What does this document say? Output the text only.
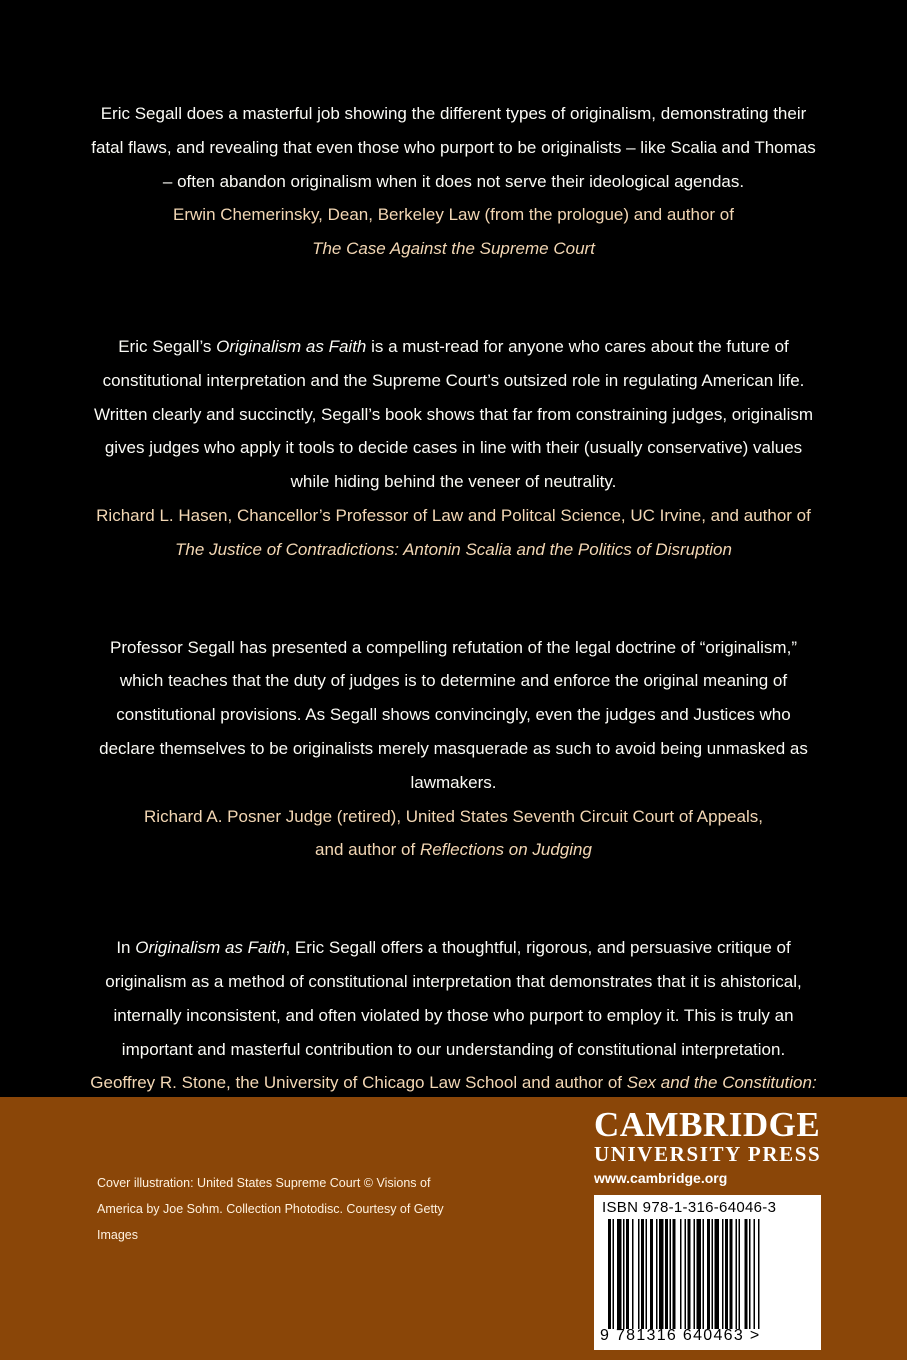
Eric Segall does a masterful job showing the different types of originalism, demonstrating their fatal flaws, and revealing that even those who purport to be originalists – like Scalia and Thomas – often abandon originalism when it does not serve their ideological agendas.
Erwin Chemerinsky, Dean, Berkeley Law (from the prologue) and author of
The Case Against the Supreme Court
Eric Segall’s Originalism as Faith is a must-read for anyone who cares about the future of constitutional interpretation and the Supreme Court’s outsized role in regulating American life. Written clearly and succinctly, Segall’s book shows that far from constraining judges, originalism gives judges who apply it tools to decide cases in line with their (usually conservative) values while hiding behind the veneer of neutrality.
Richard L. Hasen, Chancellor’s Professor of Law and Politcal Science, UC Irvine, and author of
The Justice of Contradictions: Antonin Scalia and the Politics of Disruption
Professor Segall has presented a compelling refutation of the legal doctrine of “originalism,” which teaches that the duty of judges is to determine and enforce the original meaning of constitutional provisions. As Segall shows convincingly, even the judges and Justices who declare themselves to be originalists merely masquerade as such to avoid being unmasked as lawmakers.
Richard A. Posner Judge (retired), United States Seventh Circuit Court of Appeals,
and author of Reflections on Judging
In Originalism as Faith, Eric Segall offers a thoughtful, rigorous, and persuasive critique of originalism as a method of constitutional interpretation that demonstrates that it is ahistorical, internally inconsistent, and often violated by those who purport to employ it. This is truly an important and masterful contribution to our understanding of constitutional interpretation.
Geoffrey R. Stone, the University of Chicago Law School and author of Sex and the Constitution:
Cover illustration: United States Supreme Court © Visions of America by Joe Sohm. Collection Photodisc. Courtesy of Getty Images
CAMBRIDGE
UNIVERSITY PRESS
www.cambridge.org
ISBN 978-1-316-64046-3
9 781316 640463 >
